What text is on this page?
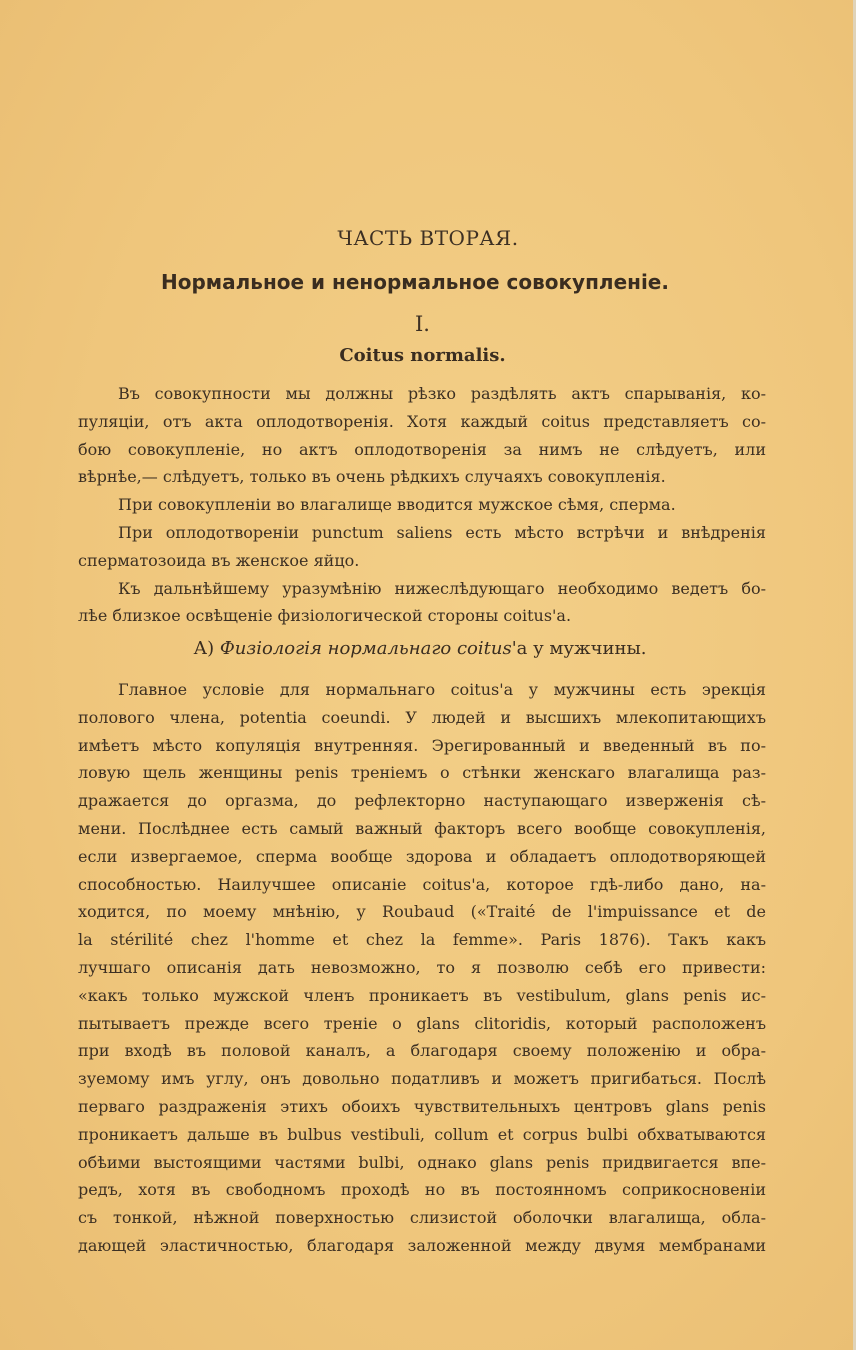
ЧАСТЬ ВТОРАЯ.
Нормальное и ненормальное совокупленіе.
I.
Coitus normalis.
Въ совокупности мы должны рѣзко раздѣлять актъ спарыванія, ко-
пуляціи, отъ акта оплодотворенія. Хотя каждый coitus представляетъ со-
бою совокупленіе, но актъ оплодотворенія за нимъ не слѣдуетъ, или
вѣрнѣе,— слѣдуетъ, только въ очень рѣдкихъ случаяхъ совокупленія.
При совокупленіи во влагалище вводится мужское сѣмя, сперма.
При оплодотвореніи punctum saliens есть мѣсто встрѣчи и внѣдренія
сперматозоида въ женское яйцо.
Къ дальнѣйшему уразумѣнію нижеслѣдующаго необходимо ведетъ бо-
лѣе близкое освѣщеніе физіологической стороны coitus'а.
А) Физіологія нормальнаго coitus'а у мужчины.
Главное условіе для нормальнаго coitus'а у мужчины есть эрекція
полового члена, potentia coeundi. У людей и высшихъ млекопитающихъ
имѣетъ мѣсто копуляція внутренняя. Эрегированный и введенный въ по-
ловую щель женщины penis треніемъ о стѣнки женскаго влагалища раз-
дражается до оргазма, до рефлекторно наступающаго изверженія сѣ-
мени. Послѣднее есть самый важный факторъ всего вообще совокупленія,
если извергаемое, сперма вообще здорова и обладаетъ оплодотворяющей
способностью. Наилучшее описаніе coitus'а, которое гдѣ-либо дано, на-
ходится, по моему мнѣнію, у Roubaud («Traité de l'impuissance et de
la stérilité chez l'homme et chez la femme». Paris 1876). Такъ какъ
лучшаго описанія дать невозможно, то я позволю себѣ его привести:
«какъ только мужской членъ проникаетъ въ vestibulum, glans penis ис-
пытываетъ прежде всего треніе о glans clitoridis, который расположенъ
при входѣ въ половой каналъ, а благодаря своему положенію и обра-
зуемому имъ углу, онъ довольно податливъ и можетъ пригибаться. Послѣ
перваго раздраженія этихъ обоихъ чувствительныхъ центровъ glans penis
проникаетъ дальше въ bulbus vestibuli, collum et corpus bulbi обхватываются
обѣими выстоящими частями bulbi, однако glans penis придвигается впе-
редъ, хотя въ свободномъ проходѣ но въ постоянномъ соприкосновеніи
съ тонкой, нѣжной поверхностью слизистой оболочки влагалища, обла-
дающей эластичностью, благодаря заложенной между двумя мембранами
